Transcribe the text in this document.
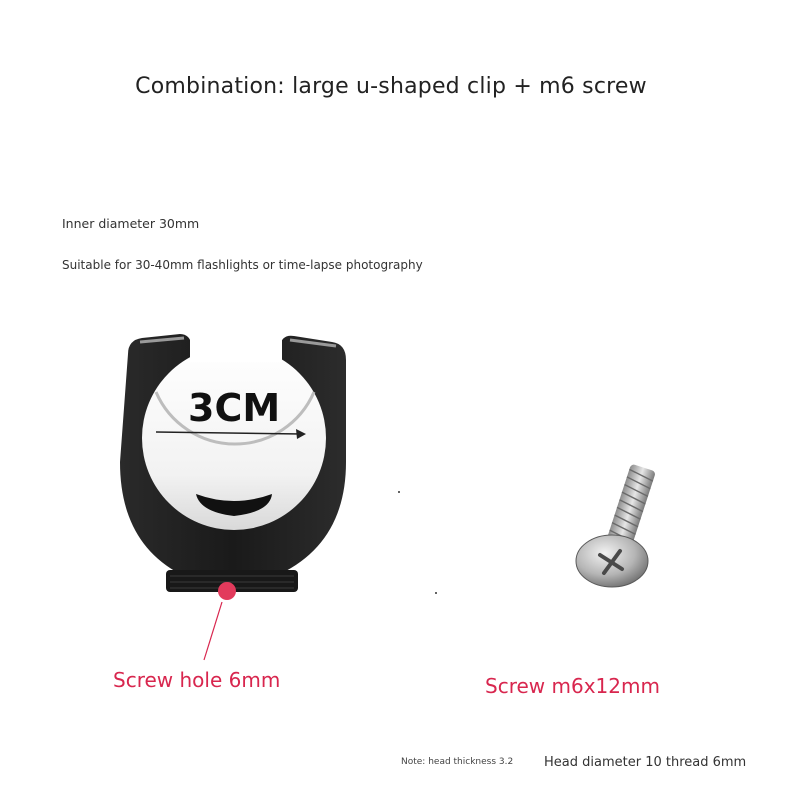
Combination: large u-shaped clip + m6 screw
Inner diameter 30mm
Suitable for 30-40mm flashlights or time-lapse photography
3CM
Screw hole 6mm	Screw m6x12mm
Note: head thickness 3.2 Head diameter 10 thread 6mm
